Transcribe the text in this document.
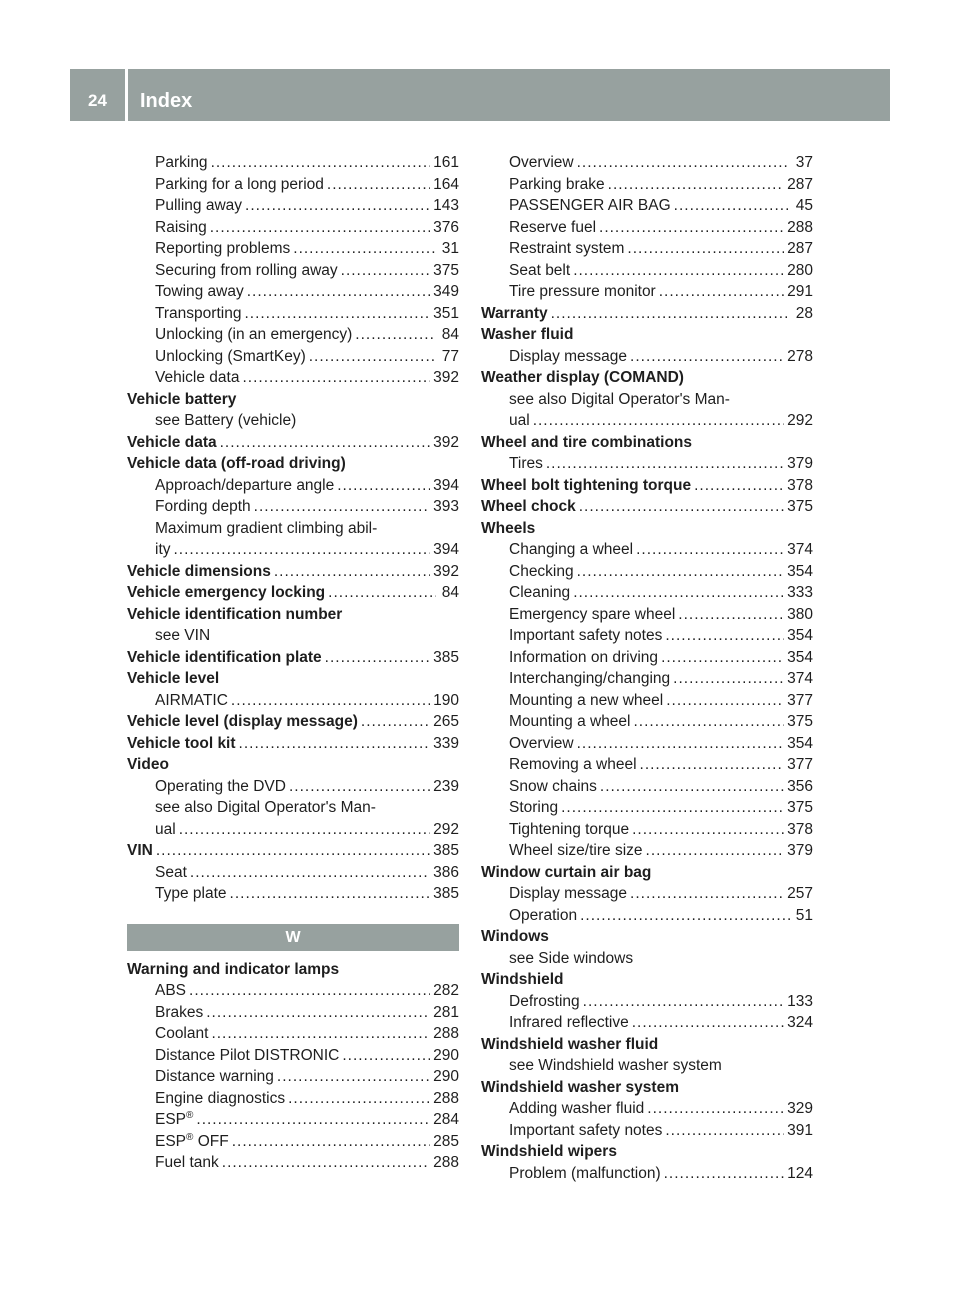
24	Index
Parking .....	161
Parking for a long period .....	164
Pulling away .....	143
Raising .....	376
Reporting problems .....	31
Securing from rolling away .....	375
Towing away .....	349
Transporting .....	351
Unlocking (in an emergency) .....	84
Unlocking (SmartKey) .....	77
Vehicle data .....	392
Vehicle battery
see Battery (vehicle)
Vehicle data .....	392
Vehicle data (off-road driving)
Approach/departure angle .....	394
Fording depth .....	393
Maximum gradient climbing abil-
ity .....	394
Vehicle dimensions .....	392
Vehicle emergency locking .....	84
Vehicle identification number
see VIN
Vehicle identification plate .....	385
Vehicle level
AIRMATIC .....	190
Vehicle level (display message) .....	265
Vehicle tool kit .....	339
Video
Operating the DVD .....	239
see also Digital Operator's Man-
ual .....	292
VIN .....	385
Seat .....	386
Type plate .....	385
W
Warning and indicator lamps
ABS .....	282
Brakes .....	281
Coolant .....	288
Distance Pilot DISTRONIC .....	290
Distance warning .....	290
Engine diagnostics .....	288
ESP® .....	284
ESP® OFF .....	285
Fuel tank .....	288
Overview .....	37
Parking brake .....	287
PASSENGER AIR BAG .....	45
Reserve fuel .....	288
Restraint system .....	287
Seat belt .....	280
Tire pressure monitor .....	291
Warranty .....	28
Washer fluid
Display message .....	278
Weather display (COMAND)
see also Digital Operator's Man-
ual .....	292
Wheel and tire combinations
Tires .....	379
Wheel bolt tightening torque .....	378
Wheel chock .....	375
Wheels
Changing a wheel .....	374
Checking .....	354
Cleaning .....	333
Emergency spare wheel .....	380
Important safety notes .....	354
Information on driving .....	354
Interchanging/changing .....	374
Mounting a new wheel .....	377
Mounting a wheel .....	375
Overview .....	354
Removing a wheel .....	377
Snow chains .....	356
Storing .....	375
Tightening torque .....	378
Wheel size/tire size .....	379
Window curtain air bag
Display message .....	257
Operation .....	51
Windows
see Side windows
Windshield
Defrosting .....	133
Infrared reflective .....	324
Windshield washer fluid
see Windshield washer system
Windshield washer system
Adding washer fluid .....	329
Important safety notes .....	391
Windshield wipers
Problem (malfunction) .....	124
